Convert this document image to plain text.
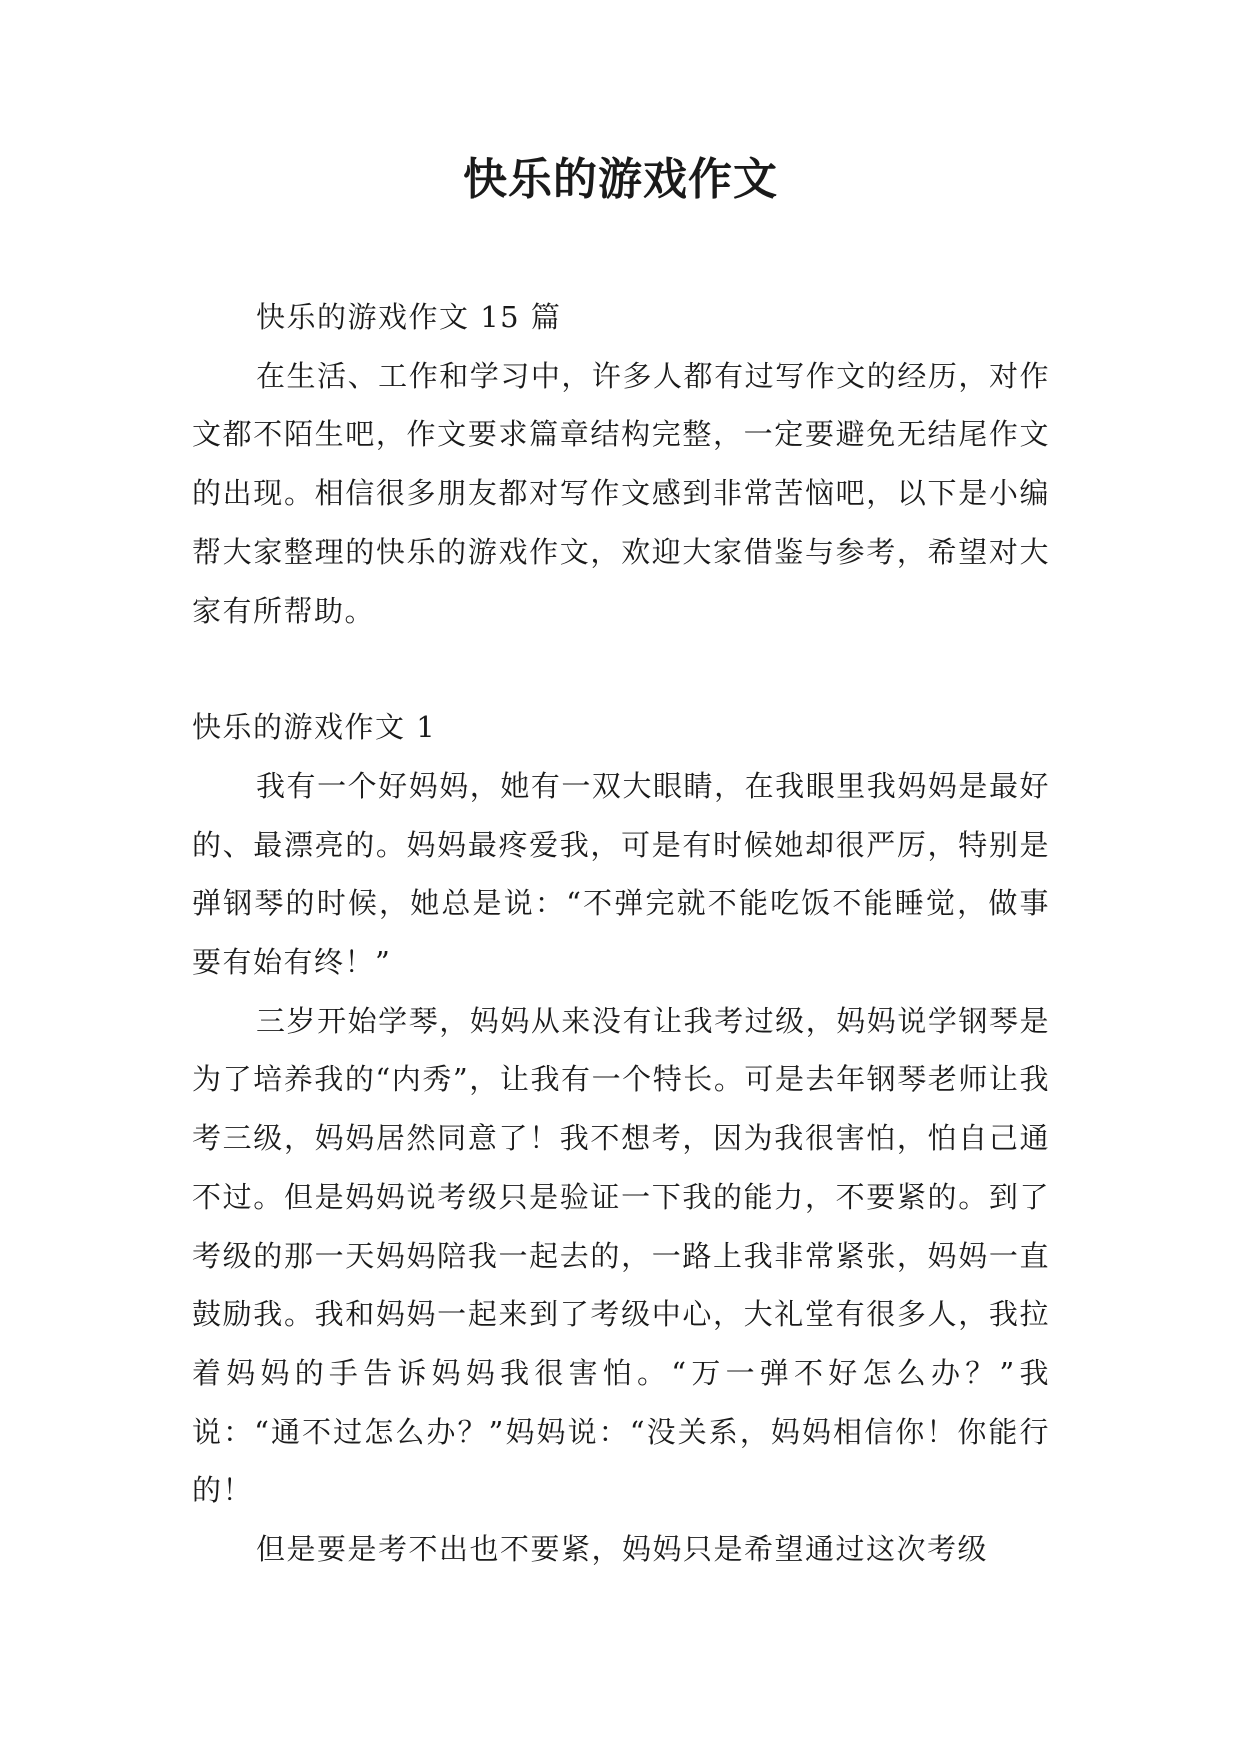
快乐的游戏作文

快乐的游戏作文 15 篇

在生活、工作和学习中，许多人都有过写作文的经历，对作文都不陌生吧，作文要求篇章结构完整，一定要避免无结尾作文的出现。相信很多朋友都对写作文感到非常苦恼吧，以下是小编帮大家整理的快乐的游戏作文，欢迎大家借鉴与参考，希望对大家有所帮助。

快乐的游戏作文 1

我有一个好妈妈，她有一双大眼睛，在我眼里我妈妈是最好的、最漂亮的。妈妈最疼爱我，可是有时候她却很严厉，特别是弹钢琴的时候，她总是说：“不弹完就不能吃饭不能睡觉，做事要有始有终！”

三岁开始学琴，妈妈从来没有让我考过级，妈妈说学钢琴是为了培养我的“内秀”，让我有一个特长。可是去年钢琴老师让我考三级，妈妈居然同意了！我不想考，因为我很害怕，怕自己通不过。但是妈妈说考级只是验证一下我的能力，不要紧的。到了考级的那一天妈妈陪我一起去的，一路上我非常紧张，妈妈一直鼓励我。我和妈妈一起来到了考级中心，大礼堂有很多人，我拉着妈妈的手告诉妈妈我很害怕。“万一弹不好怎么办？”我说：“通不过怎么办？”妈妈说：“没关系，妈妈相信你！你能行的！

但是要是考不出也不要紧，妈妈只是希望通过这次考级
